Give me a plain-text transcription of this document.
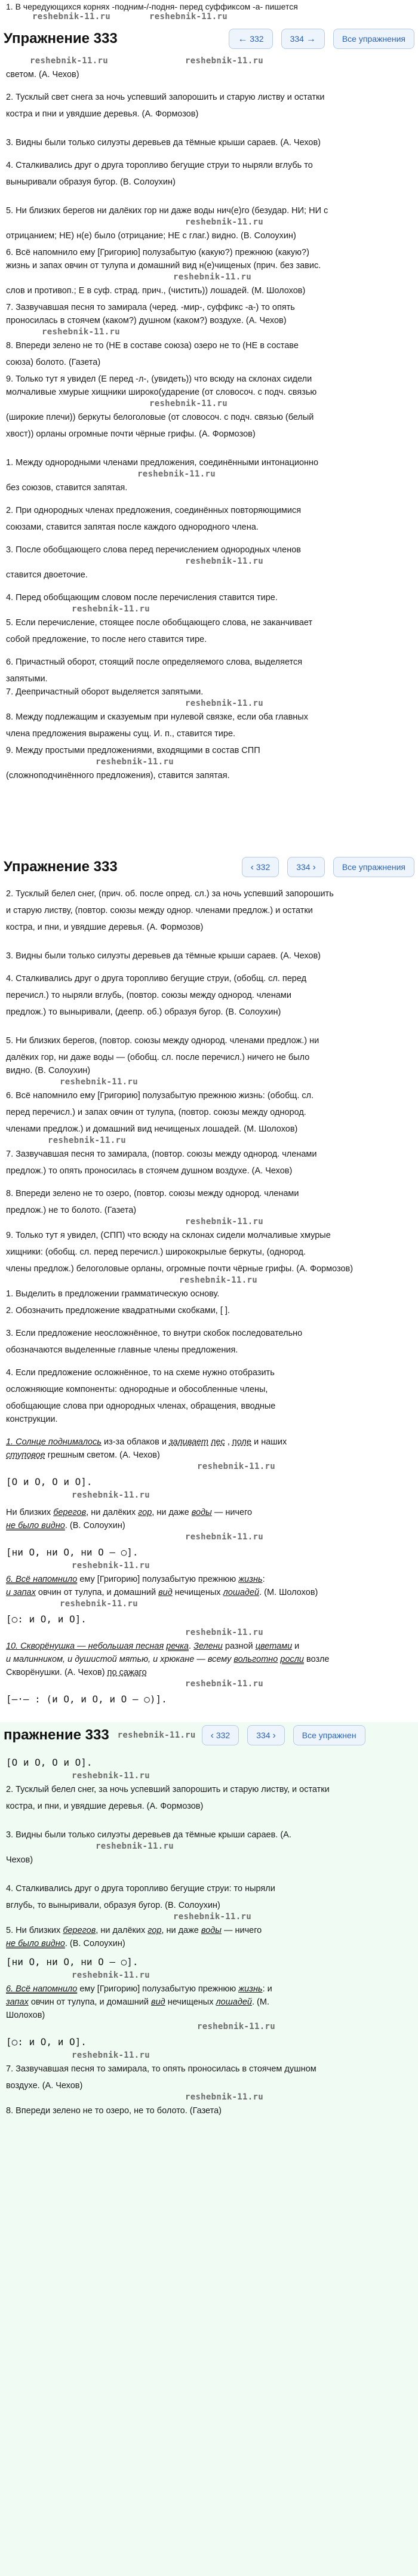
1. В чередующихся корнях -подним-/-подня- перед суффиксом -а- пишется
reshebnik-11.ru	reshebnik-11.ru
Упражнение 333	← 332	334 →	Все упражнения
reshebnik-11.ru	reshebnik-11.ru
светом. (А. Чехов)
2. Тусклый свет снега за ночь успевший запорошить и старую листву и остатки
костра и пни и увядшие деревья. (А. Формозов)
3. Видны были только силуэты деревьев да тёмные крыши сараев. (А. Чехов)
4. Сталкивались друг о друга торопливо бегущие струи то ныряли вглубь то
выныривали образуя бугор. (В. Солоухин)
5. Ни близких берегов ни далёких гор ни даже воды нич(е)го (безудар. НИ; НИ с
reshebnik-11.ru
отрицанием; НЕ) н(е) было (отрицание; НЕ с глаг.) видно. (В. Солоухин)
6. Всё напомнило ему [Григорию] полузабытую (какую?) прежнюю (какую?)
жизнь и запах овчин от тулупа и домашний вид н(е)чищеных (прич. без завис.
reshebnik-11.ru
слов и противоп.; Е в суф. страд. прич., (чистить)) лошадей. (М. Шолохов)
7. Зазвучавшая песня то замирала (черед. -мир-, суффикс -а-) то опять
проносилась в стоячем (каком?) душном (каком?) воздухе. (А. Чехов)
reshebnik-11.ru
8. Впереди зелено не то (НЕ в составе союза) озеро не то (НЕ в составе
союза) болото. (Газета)
9. Только тут я увидел (Е перед -л-, (увидеть)) что всюду на склонах сидели
молчаливые хмурые хищники широко(ударение (от словосоч. с подч. связью
reshebnik-11.ru
(широкие плечи)) беркуты белоголовые (от словосоч. с подч. связью (белый
хвост)) орланы огромные почти чёрные грифы. (А. Формозов)
1. Между однородными членами предложения, соединёнными интонационно
reshebnik-11.ru
без союзов, ставится запятая.
2. При однородных членах предложения, соединённых повторяющимися
союзами, ставится запятая после каждого однородного члена.
3. После обобщающего слова перед перечислением однородных членов
reshebnik-11.ru
ставится двоеточие.
4. Перед обобщающим словом после перечисления ставится тире.
reshebnik-11.ru
5. Если перечисление, стоящее после обобщающего слова, не заканчивает
собой предложение, то после него ставится тире.
6. Причастный оборот, стоящий после определяемого слова, выделяется
запятыми.
7. Деепричастный оборот выделяется запятыми.
reshebnik-11.ru
8. Между подлежащим и сказуемым при нулевой связке, если оба главных
члена предложения выражены сущ. И. п., ставится тире.
9. Между простыми предложениями, входящими в состав СПП
reshebnik-11.ru
(сложноподчинённого предложения), ставится запятая.
Упражнение 333	‹ 332	334 ›	Все упражнения
2. Тусклый белел снег, (прич. об. после опред. сл.) за ночь успевший запорошить
и старую листву, (повтор. союзы между однор. членами предлож.) и остатки
костра, и пни, и увядшие деревья. (А. Формозов)
3. Видны были только силуэты деревьев да тёмные крыши сараев. (А. Чехов)
4. Сталкивались друг о друга торопливо бегущие струи, (обобщ. сл. перед
перечисл.) то ныряли вглубь, (повтор. союзы между однород. членами
предлож.) то выныривали, (деепр. об.) образуя бугор. (В. Солоухин)
5. Ни близких берегов, (повтор. союзы между однород. членами предлож.) ни
далёких гор, ни даже воды — (обобщ. сл. после перечисл.) ничего не было
видно. (В. Солоухин)
reshebnik-11.ru
6. Всё напомнило ему [Григорию] полузабытую прежнюю жизнь: (обобщ. сл.
перед перечисл.) и запах овчин от тулупа, (повтор. союзы между однород.
членами предлож.) и домашний вид нечищеных лошадей. (М. Шолохов)
reshebnik-11.ru
7. Зазвучавшая песня то замирала, (повтор. союзы между однород. членами
предлож.) то опять проносилась в стоячем душном воздухе. (А. Чехов)
8. Впереди зелено не то озеро, (повтор. союзы между однород. членами
предлож.) не то болото. (Газета)
reshebnik-11.ru
9. Только тут я увидел, (СПП) что всюду на склонах сидели молчаливые хмурые
хищники: (обобщ. сл. перед перечисл.) ширококрылые беркуты, (однород.
члены предлож.) белоголовые орланы, огромные почти чёрные грифы. (А. Формозов)
reshebnik-11.ru
1. Выделить в предложении грамматическую основу.
2. Обозначить предложение квадратными скобками, [ ].
3. Если предложение неосложнённое, то внутри скобок последовательно
обозначаются выделенные главные члены предложения.
4. Если предложение осложнённое, то на схеме нужно отобразить
осложняющие компоненты: однородные и обособленные члены,
обобщающие слова при однородных членах, обращения, вводные
конструкции.
1. Солнце поднималось из-за облаков и заливает лес , поле и наших
ступовое грешным светом. (А. Чехов)
reshebnik-11.ru
[О и О, О и О].
reshebnik-11.ru
Ни близких берегов, ни далёких гор, ни даже воды — ничего
не было видно. (В. Солоухин)
reshebnik-11.ru
[ни О, ни О, ни О — ○].
reshebnik-11.ru
6. Всё напомнило ему [Григорию] полузабытую прежнюю жизнь:
и запах овчин от тулупа, и домашний вид нечищеных лошадей. (М. Шолохов)
reshebnik-11.ru
[○: и О, и О].
reshebnik-11.ru
10. Скворёнушка — небольшая песная речка. Зелени разной цветами и
и малинником, и душистой мятью, и хрюкане — всему вольготно росли возле
Скворёнушки. (А. Чехов) по сажаго
reshebnik-11.ru
[—·— : (и О, и О, и О — ○)].
пражнение 333 reshebnik-11.ru	‹ 332	334 ›	Все упражнен
[О и О, О и О].
reshebnik-11.ru
2. Тусклый белел снег, за ночь успевший запорошить и старую листву, и остатки
костра, и пни, и увядшие деревья. (А. Формозов)
3. Видны были только силуэты деревьев да тёмные крыши сараев. (А.
reshebnik-11.ru
Чехов)
4. Сталкивались друг о друга торопливо бегущие струи: то ныряли
вглубь, то выныривали, образуя бугор. (В. Солоухин)
reshebnik-11.ru
5. Ни близких берегов, ни далёких гор, ни даже воды — ничего
не было видно. (В. Солоухин)
[ни О, ни О, ни О — ○].
reshebnik-11.ru
6. Всё напомнило ему [Григорию] полузабытую прежнюю жизнь: и
запах овчин от тулупа, и домашний вид нечищеных лошадей. (М.
Шолохов)
reshebnik-11.ru
[○: и О, и О].
reshebnik-11.ru
7. Зазвучавшая песня то замирала, то опять проносилась в стоячем душном
воздухе. (А. Чехов)
reshebnik-11.ru
8. Впереди зелено не то озеро, не то болото. (Газета)
